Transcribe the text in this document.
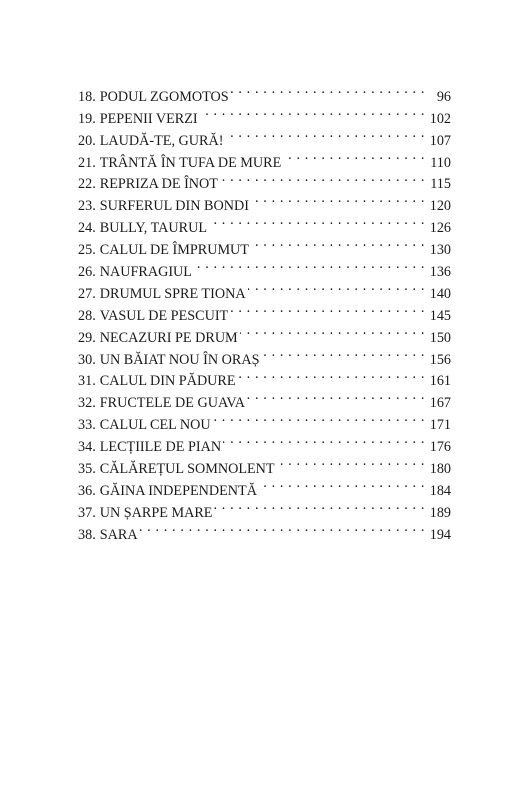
18. PODUL ZGOMOTOS . . .	96
19. PEPENII VERZI . . .	102
20. LAUDĂ-TE, GURĂ! . . .	107
21. TRÂNTĂ ÎN TUFA DE MURE . . .	110
22. REPRIZA DE ÎNOT . . .	115
23. SURFERUL DIN BONDI . . .	120
24. BULLY, TAURUL . . .	126
25. CALUL DE ÎMPRUMUT . . .	130
26. NAUFRAGIUL . . .	136
27. DRUMUL SPRE TIONA . . .	140
28. VASUL DE PESCUIT . . .	145
29. NECAZURI PE DRUM . . .	150
30. UN BĂIAT NOU ÎN ORAȘ . . .	156
31. CALUL DIN PĂDURE . . .	161
32. FRUCTELE DE GUAVA . . .	167
33. CALUL CEL NOU . . .	171
34. LECȚIILE DE PIAN . . .	176
35. CĂLĂREȚUL SOMNOLENT . . .	180
36. GĂINA INDEPENDENTĂ . . .	184
37. UN ȘARPE MARE . . .	189
38. SARA . . .	194
